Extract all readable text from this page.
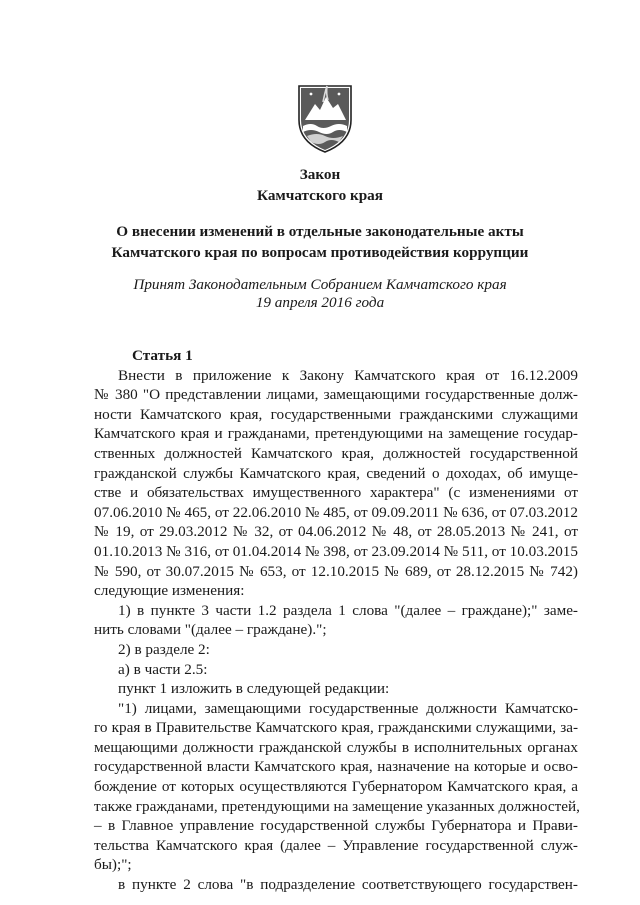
Закон
Камчатского края
О внесении изменений в отдельные законодательные акты
Камчатского края по вопросам противодействия коррупции
Принят Законодательным Собранием Камчатского края
19 апреля 2016 года
Статья 1
Внести в приложение к Закону Камчатского края от 16.12.2009
№ 380 "О представлении лицами, замещающими государственные долж-
ности Камчатского края, государственными гражданскими служащими
Камчатского края и гражданами, претендующими на замещение государ-
ственных должностей Камчатского края, должностей государственной
гражданской службы Камчатского края, сведений о доходах, об имуще-
стве и обязательствах имущественного характера" (с изменениями от
07.06.2010 № 465, от 22.06.2010 № 485, от 09.09.2011 № 636, от 07.03.2012
№ 19, от 29.03.2012 № 32, от 04.06.2012 № 48, от 28.05.2013 № 241, от
01.10.2013 № 316, от 01.04.2014 № 398, от 23.09.2014 № 511, от 10.03.2015
№ 590, от 30.07.2015 № 653, от 12.10.2015 № 689, от 28.12.2015 № 742)
следующие изменения:
1) в пункте 3 части 1.2 раздела 1 слова "(далее – граждане);" заме-
нить словами "(далее – граждане).";
2) в разделе 2:
а) в части 2.5:
пункт 1 изложить в следующей редакции:
"1) лицами, замещающими государственные должности Камчатско-
го края в Правительстве Камчатского края, гражданскими служащими, за-
мещающими должности гражданской службы в исполнительных органах
государственной власти Камчатского края, назначение на которые и осво-
бождение от которых осуществляются Губернатором Камчатского края, а
также гражданами, претендующими на замещение указанных должностей,
– в Главное управление государственной службы Губернатора и Прави-
тельства Камчатского края (далее – Управление государственной служ-
бы);";
в пункте 2 слова "в подразделение соответствующего государствен-
